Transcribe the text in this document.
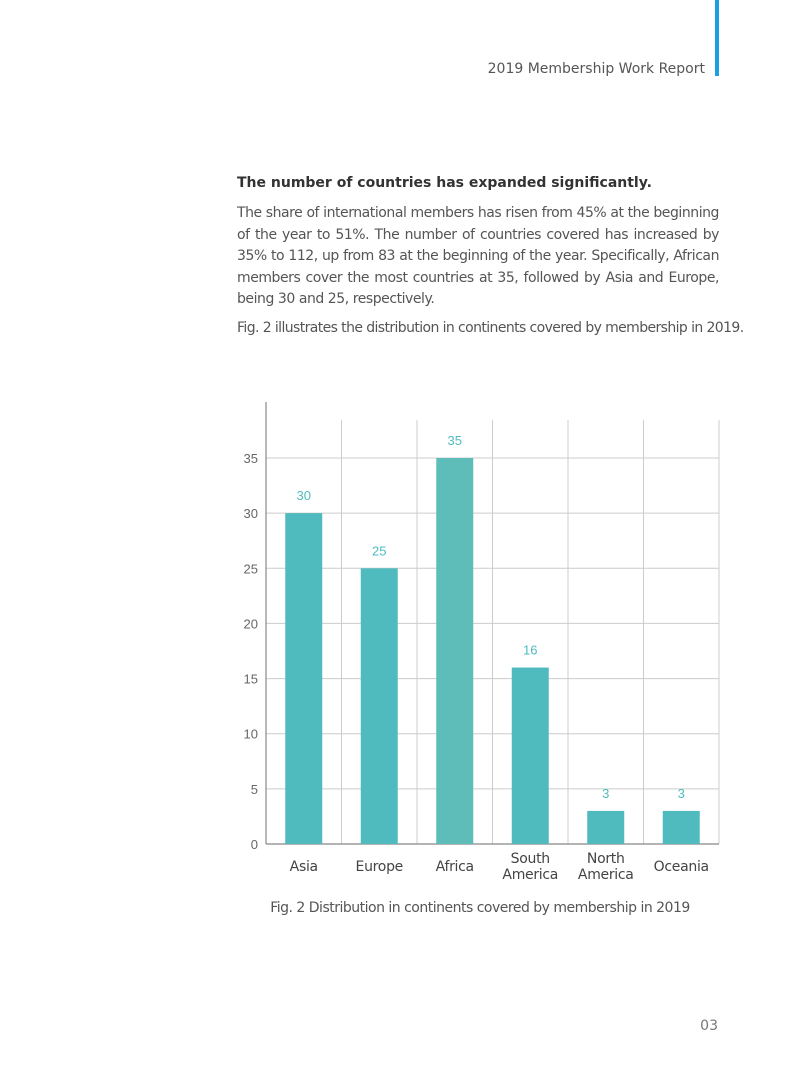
2019 Membership Work Report

The number of countries has expanded significantly.

The share of international members has risen from 45% at the beginning of the year to 51%. The number of countries covered has increased by 35% to 112, up from 83 at the beginning of the year. Specifically, African members cover the most countries at 35, followed by Asia and Europe, being 30 and 25, respectively.

Fig. 2 illustrates the distribution in continents covered by membership in 2019.

0
5
10
15
20
25
30
35
30
Asia
25
Europe
35
Africa
16
South
America
3
North
America
3
Oceania
Fig. 2 Distribution in continents covered by membership in 2019
03
